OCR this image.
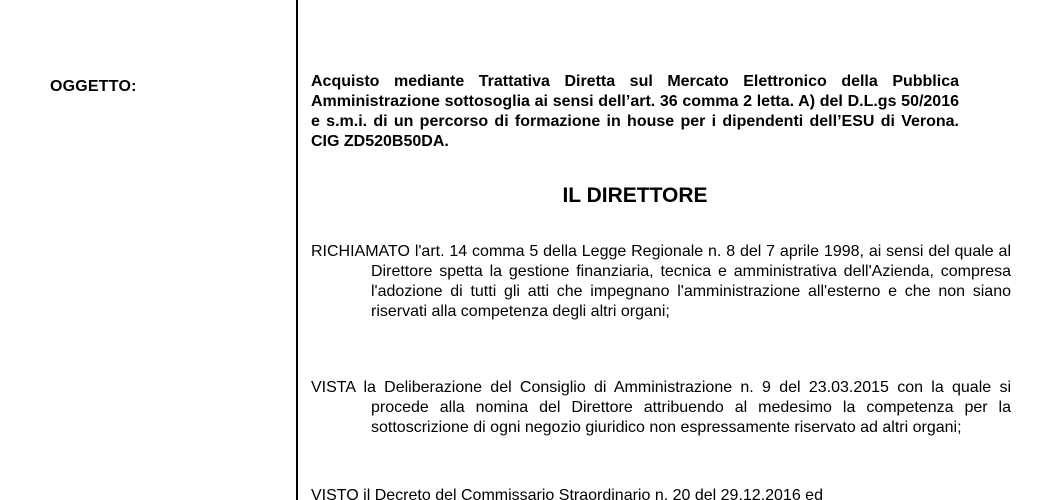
OGGETTO:	Acquisto mediante Trattativa Diretta sul Mercato Elettronico della Pubblica Amministrazione sottosoglia ai sensi dell’art. 36 comma 2 letta. A) del D.L.gs 50/2016 e s.m.i. di un percorso di formazione in house per i dipendenti dell’ESU di Verona. CIG ZD520B50DA.
IL DIRETTORE
RICHIAMATO l'art. 14 comma 5 della Legge Regionale n. 8 del 7 aprile 1998, ai sensi del quale al Direttore spetta la gestione finanziaria, tecnica e amministrativa dell'Azienda, compresa l'adozione di tutti gli atti che impegnano l'amministrazione all'esterno e che non siano riservati alla competenza degli altri organi;
VISTA la Deliberazione del Consiglio di Amministrazione n. 9 del 23.03.2015 con la quale si procede alla nomina del Direttore attribuendo al medesimo la competenza per la sottoscrizione di ogni negozio giuridico non espressamente riservato ad altri organi;
VISTO il Decreto del Commissario Straordinario n. 20 del 29.12.2016 ed
